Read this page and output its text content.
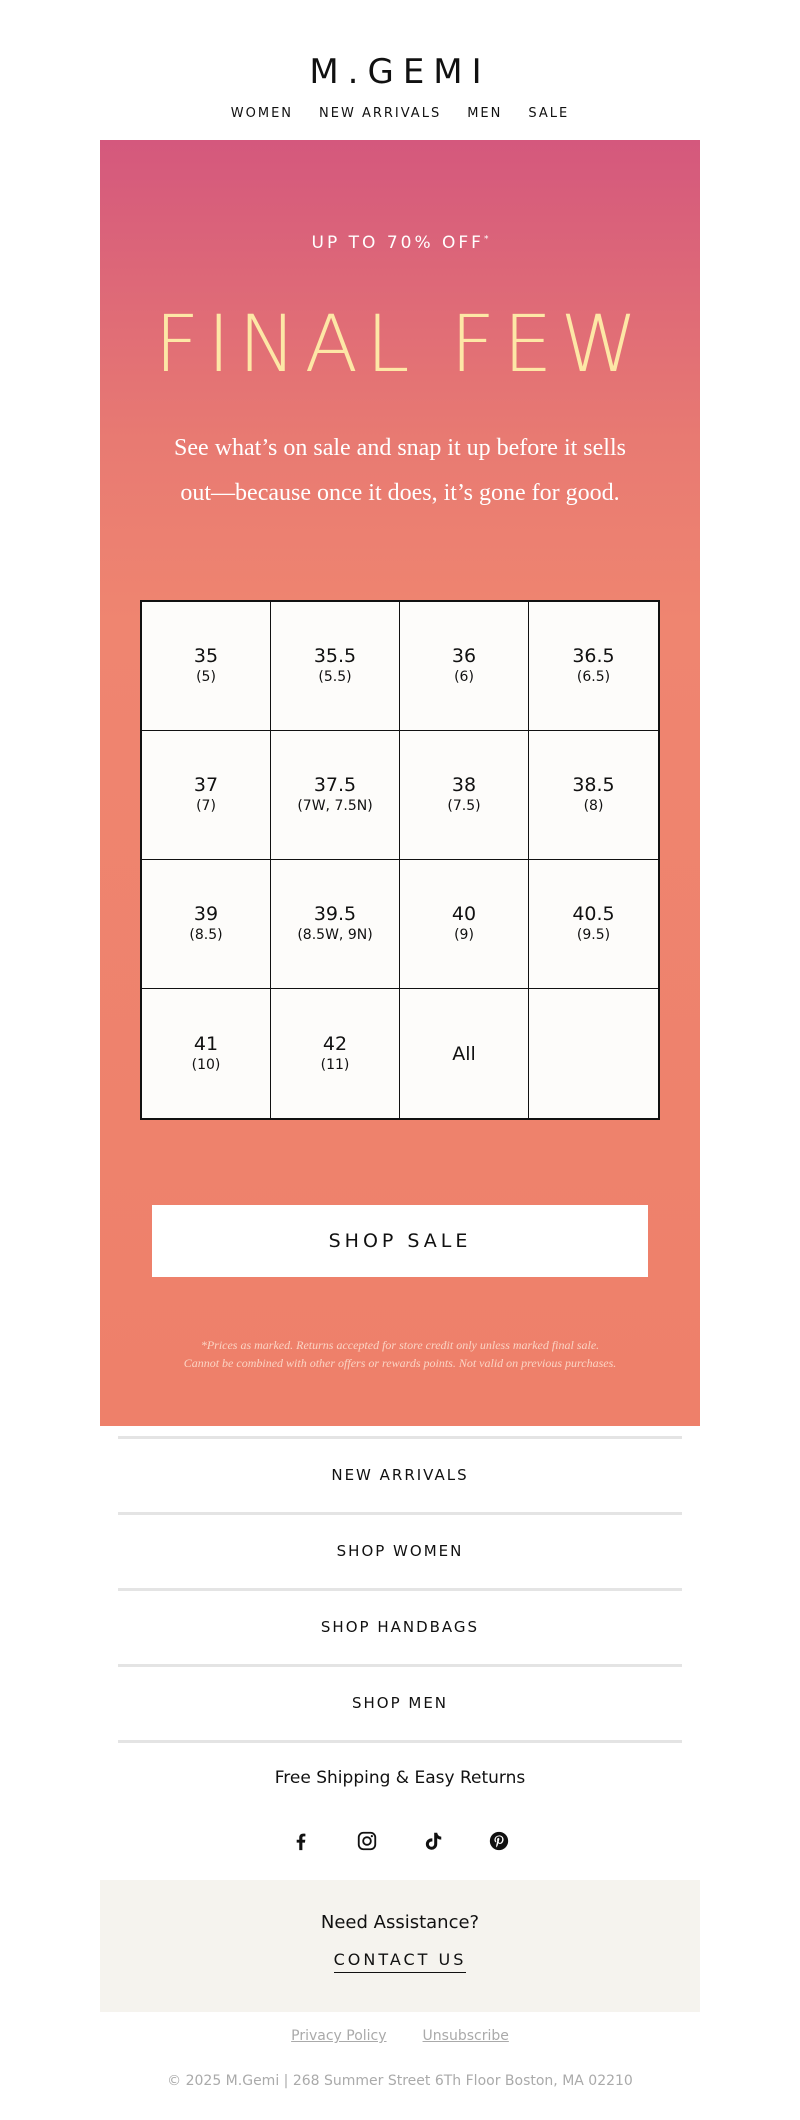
M.GEMI
WOMEN NEW ARRIVALS MEN SALE
UP TO 70% OFF*
FINAL FEW

See what’s on sale and snap it up before it sells out—because once it does, it’s gone for good.

35
(5)
35.5
(5.5)
36
(6)
36.5
(6.5)
37
(7)
37.5
(7W, 7.5N)
38
(7.5)
38.5
(8)
39
(8.5)
39.5
(8.5W, 9N)
40
(9)
40.5
(9.5)
41
(10)
42
(11)	All
SHOP SALE
*Prices as marked. Returns accepted for store credit only unless marked final sale.
Cannot be combined with other offers or rewards points. Not valid on previous purchases.
NEW ARRIVALS
SHOP WOMEN
SHOP HANDBAGS
SHOP MEN
Free Shipping & Easy Returns
Need Assistance?
CONTACT US
Privacy Policy	Unsubscribe
© 2025 M.Gemi | 268 Summer Street 6Th Floor Boston, MA 02210
